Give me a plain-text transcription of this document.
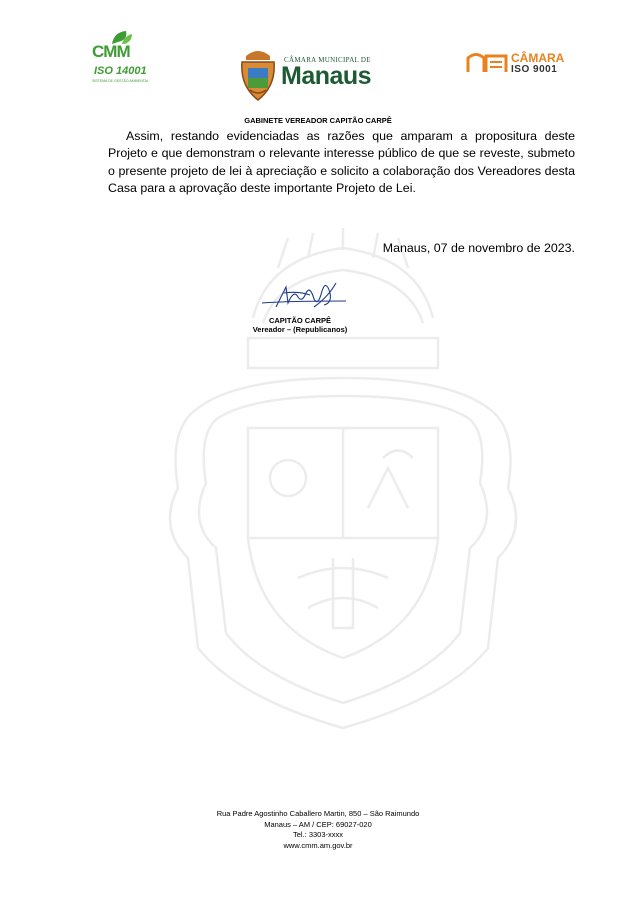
CMM
ISO 14001
SISTEMA DE GESTÃO AMBIENTAL
CÂMARA MUNICIPAL DE
Manaus
CÂMARA
ISO 9001
GABINETE VEREADOR CAPITÃO CARPÊ

Assim, restando evidenciadas as razões que amparam a propositura deste Projeto e que demonstram o relevante interesse público de que se reveste, submeto o presente projeto de lei à apreciação e solicito a colaboração dos Vereadores desta Casa para a aprovação deste importante Projeto de Lei.

Manaus, 07 de novembro de 2023.
CAPITÃO CARPÊ
Vereador – (Republicanos)
Rua Padre Agostinho Caballero Martin, 850 – São Raimundo
Manaus – AM / CEP: 69027-020
Tel.: 3303-xxxx
www.cmm.am.gov.br
